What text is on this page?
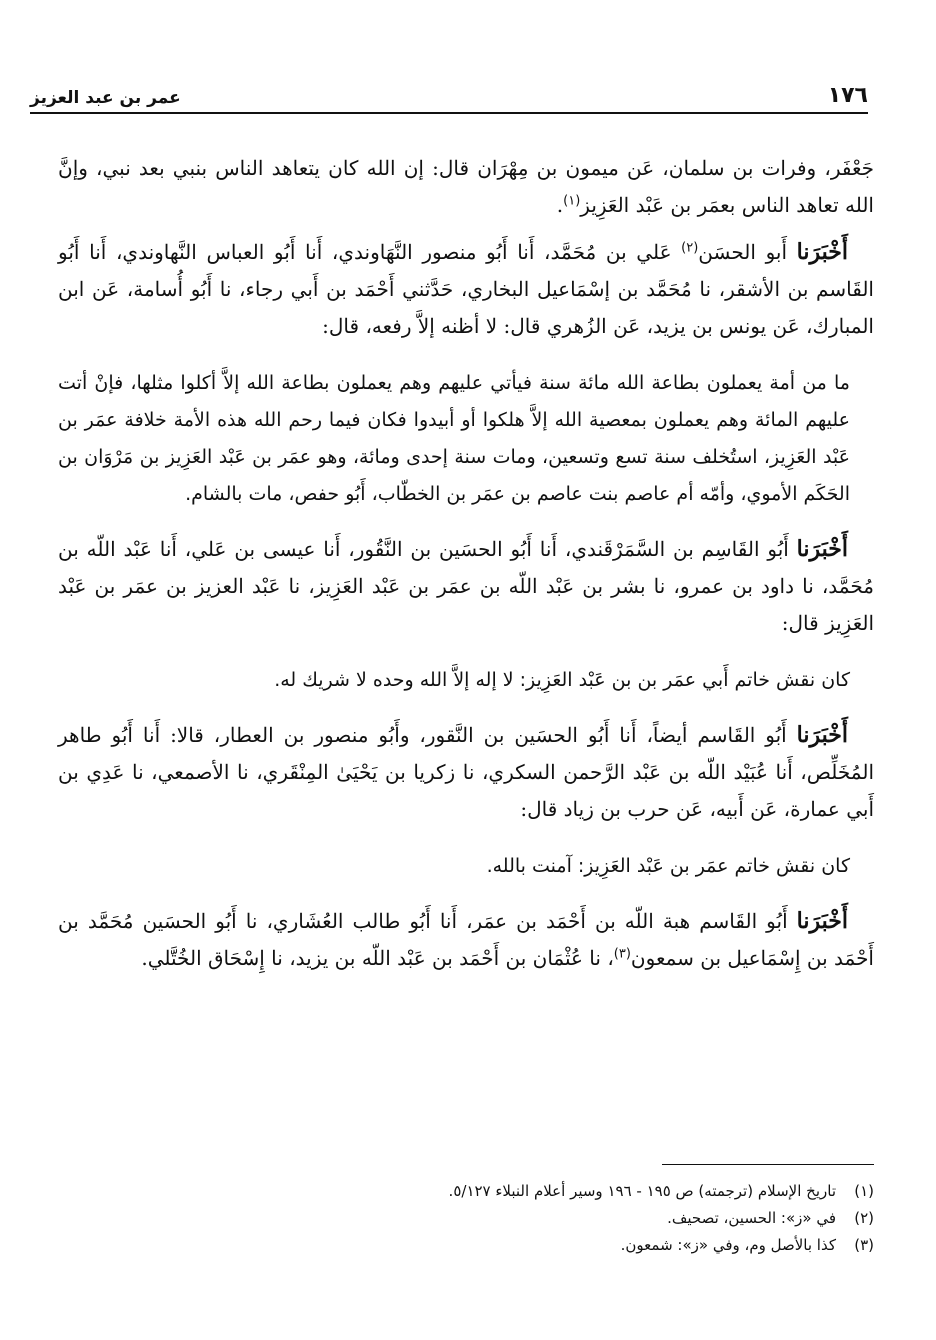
١٧٦
عمر بن عبد العزيز

جَعْفَر، وفرات بن سلمان، عَن ميمون بن مِهْرَان قال: إن الله كان يتعاهد الناس بنبي بعد نبي، وإنَّ الله تعاهد الناس بعمَر بن عَبْد العَزِيز$^{(١)}$.

أَخْبَرَنا أَبو الحسَن$^{(٢)}$ عَلي بن مُحَمَّد، أَنا أَبُو منصور النَّهَاوندي، أَنا أَبُو العباس النَّهاوندي، أَنا أَبُو القَاسم بن الأشقر، نا مُحَمَّد بن إسْمَاعيل البخاري، حَدَّثني أَحْمَد بن أَبي رجاء، نا أَبُو أُسامة، عَن ابن المبارك، عَن يونس بن يزيد، عَن الزُهري قال: لا أظنه إلاَّ رفعه، قال:

ما من أمة يعملون بطاعة الله مائة سنة فيأتي عليهم وهم يعملون بطاعة الله إلاَّ أكلوا مثلها، فإنْ أتت عليهم المائة وهم يعملون بمعصية الله إلاَّ هلكوا أو أبيدوا فكان فيما رحم الله هذه الأمة خلافة عمَر بن عَبْد العَزِيز، استُخلف سنة تسع وتسعين، ومات سنة إحدى ومائة، وهو عمَر بن عَبْد العَزِيز بن مَرْوَان بن الحَكَم الأموي، وأمّه أم عاصم بنت عاصم بن عمَر بن الخطّاب، أَبُو حفص، مات بالشام.

أَخْبَرَنا أَبُو القَاسِم بن السَّمَرْقَندي، أَنا أَبُو الحسَين بن النَّقُور، أَنا عيسى بن عَلي، أَنا عَبْد اللّه بن مُحَمَّد، نا داود بن عمرو، نا بشر بن عَبْد اللّه بن عمَر بن عَبْد العَزِيز، نا عَبْد العزيز بن عمَر بن عَبْد العَزِيز قال:

كان نقش خاتم أَبي عمَر بن بن عَبْد العَزِيز: لا إله إلاَّ الله وحده لا شريك له.

أَخْبَرَنا أَبُو القَاسم أيضاً، أَنا أَبُو الحسَين بن النَّقور، وأَبُو منصور بن العطار، قالا: أَنا أَبُو طاهر المُخَلِّص، أَنا عُبَيْد اللّه بن عَبْد الرَّحمن السكري، نا زكريا بن يَحْيَىٰ المِنْقَري، نا الأصمعي، نا عَدِي بن أَبي عمارة، عَن أَبيه، عَن حرب بن زياد قال:

كان نقش خاتم عمَر بن عَبْد العَزِيز: آمنت بالله.

أَخْبَرَنا أَبُو القَاسم هبة اللّه بن أَحْمَد بن عمَر، أَنا أَبُو طالب العُشَاري، نا أَبُو الحسَين مُحَمَّد بن أَحْمَد بن إِسْمَاعيل بن سمعون$^{(٣)}$، نا عُثْمَان بن أَحْمَد بن عَبْد اللّه بن يزيد، نا إِسْحَاق الخُتَّلي.

(١)
تاريخ الإسلام (ترجمته) ص ١٩٥ - ١٩٦ وسير أعلام النبلاء ٥/١٢٧.
(٢)
في «ز»: الحسين، تصحيف.
(٣)
كذا بالأصل وم، وفي «ز»: شمعون.
